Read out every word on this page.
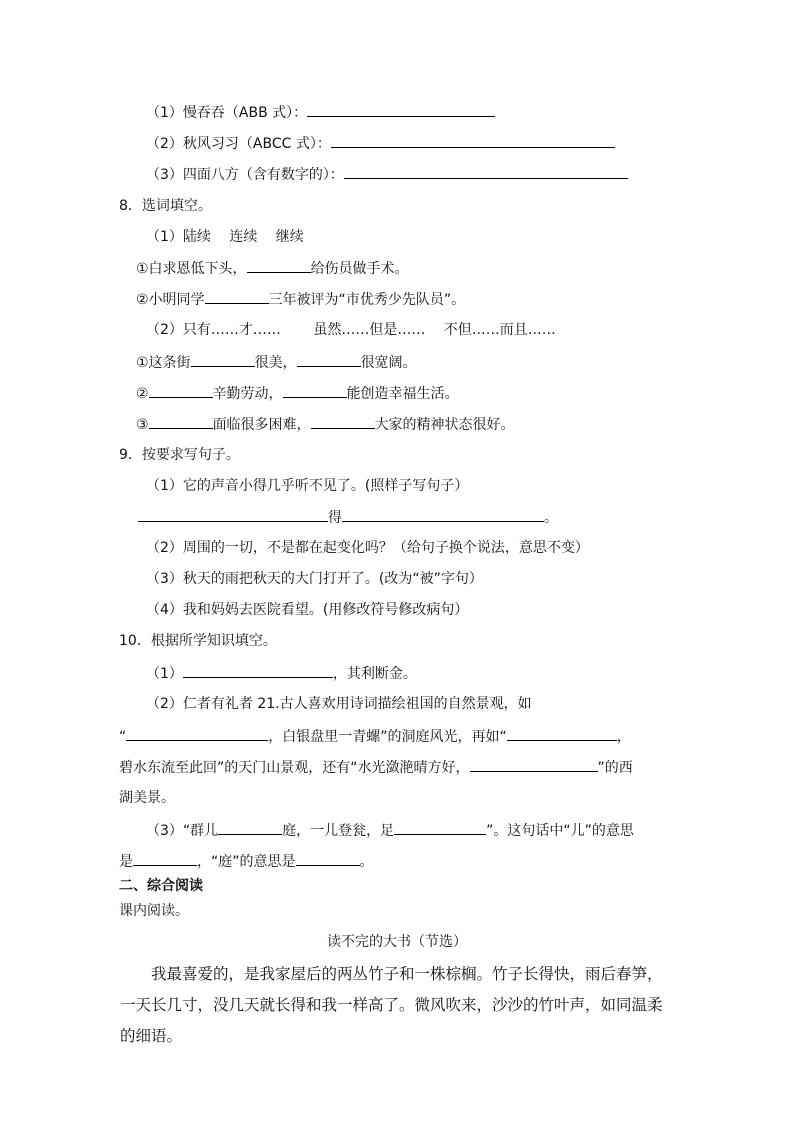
（1）慢吞吞（ABB 式）：
（2）秋风习习（ABCC 式）：
（3）四面八方（含有数字的）：
8．选词填空。
（1）陆续　 连续　 继续
①白求恩低下头，	给伤员做手术。
②小明同学	三年被评为“市优秀少先队员”。
（2）只有……才……　　 虽然……但是……　 不但……而且……
①这条街	很美，	很宽阔。
②	辛勤劳动，	能创造幸福生活。
③	面临很多困难，	大家的精神状态很好。
9．按要求写句子。
（1）它的声音小得几乎听不见了。(照样子写句子）
得	。
（2）周围的一切，不是都在起变化吗？（给句子换个说法，意思不变）
（3）秋天的雨把秋天的大门打开了。(改为“被”字句）
（4）我和妈妈去医院看望。(用修改符号修改病句）
10．根据所学知识填空。
（1）	，其利断金。
（2）仁者有礼者 21.古人喜欢用诗词描绘祖国的自然景观，如
“	，白银盘里一青螺”的洞庭风光，再如“	，
碧水东流至此回”的天门山景观，还有“水光潋滟晴方好，	”的西
湖美景。
（3）“群儿	庭，一儿登瓮，足	”。这句话中“儿”的意思
是	，“庭”的意思是	。
二、综合阅读
课内阅读。
读不完的大书（节选）
我最喜爱的，是我家屋后的两丛竹子和一株棕榈。竹子长得快，雨后春笋，一天长几寸，没几天就长得和我一样高了。微风吹来，沙沙的竹叶声，如同温柔的细语。
